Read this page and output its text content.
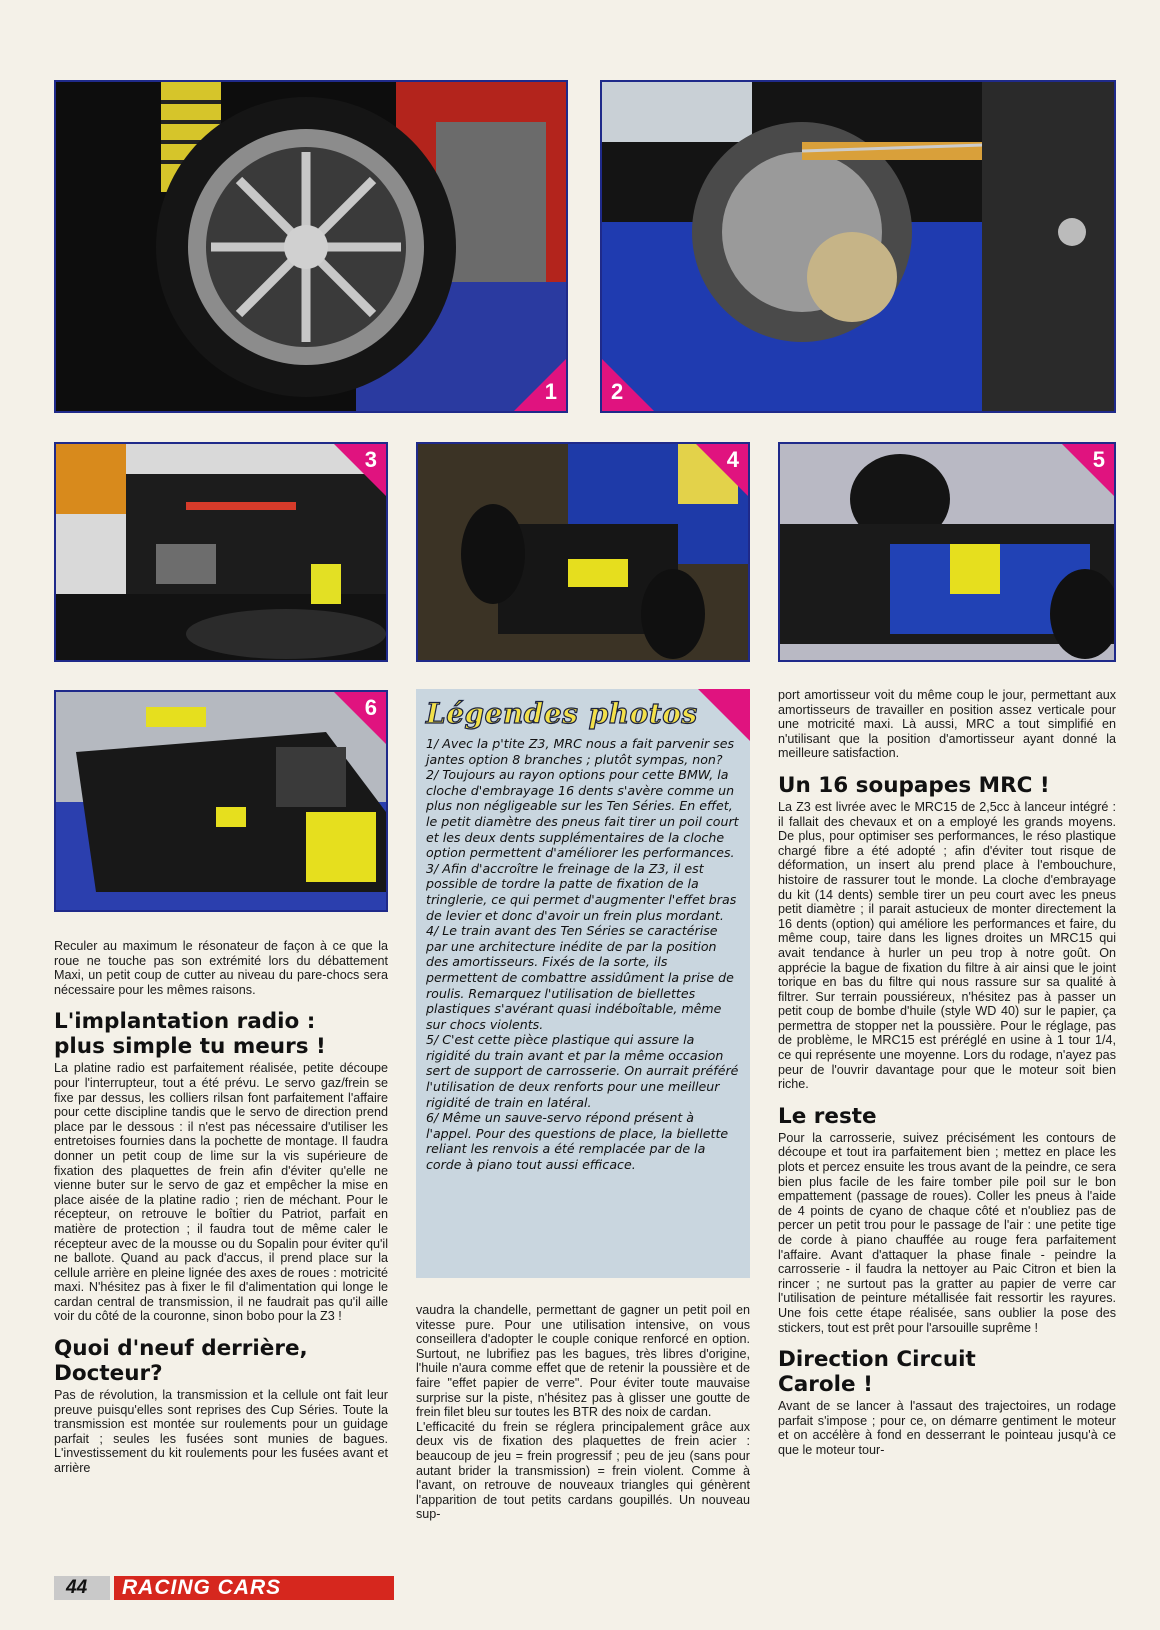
1 2
3	4	5
6

Reculer au maximum le résonateur de façon à ce que la roue ne touche pas son extrémité lors du débattement Maxi, un petit coup de cutter au niveau du pare-chocs sera nécessaire pour les mêmes raisons.

L'implantation radio : plus simple tu meurs !

La platine radio est parfaitement réalisée, petite découpe pour l'interrupteur, tout a été prévu. Le servo gaz/frein se fixe par dessus, les colliers rilsan font parfaitement l'affaire pour cette discipline tandis que le servo de direction prend place par le dessous : il n'est pas nécessaire d'utiliser les entretoises fournies dans la pochette de montage. Il faudra donner un petit coup de lime sur la vis supérieure de fixation des plaquettes de frein afin d'éviter qu'elle ne vienne buter sur le servo de gaz et empêcher la mise en place aisée de la platine radio ; rien de méchant. Pour le récepteur, on retrouve le boîtier du Patriot, parfait en matière de protection ; il faudra tout de même caler le récepteur avec de la mousse ou du Sopalin pour éviter qu'il ne ballote. Quand au pack d'accus, il prend place sur la cellule arrière en pleine lignée des axes de roues : motricité maxi. N'hésitez pas à fixer le fil d'alimentation qui longe le cardan central de transmission, il ne faudrait pas qu'il aille voir du côté de la couronne, sinon bobo pour la Z3 !

Quoi d'neuf derrière, Docteur?

Pas de révolution, la transmission et la cellule ont fait leur preuve puisqu'elles sont reprises des Cup Séries. Toute la transmission est montée sur roulements pour un guidage parfait ; seules les fusées sont munies de bagues. L'investissement du kit roulements pour les fusées avant et arrière

Légendes photos

1/ Avec la p'tite Z3, MRC nous a fait parvenir ses jantes option 8 branches ; plutôt sympas, non?

2/ Toujours au rayon options pour cette BMW, la cloche d'embrayage 16 dents s'avère comme un plus non négligeable sur les Ten Séries. En effet, le petit diamètre des pneus fait tirer un poil court et les deux dents supplémentaires de la cloche option permettent d'améliorer les performances.

3/ Afin d'accroître le freinage de la Z3, il est possible de tordre la patte de fixation de la tringlerie, ce qui permet d'augmenter l'effet bras de levier et donc d'avoir un frein plus mordant.

4/ Le train avant des Ten Séries se caractérise par une architecture inédite de par la position des amortisseurs. Fixés de la sorte, ils permettent de combattre assidûment la prise de roulis. Remarquez l'utilisation de biellettes plastiques s'avérant quasi indéboîtable, même sur chocs violents.

5/ C'est cette pièce plastique qui assure la rigidité du train avant et par la même occasion sert de support de carrosserie. On aurrait préféré l'utilisation de deux renforts pour une meilleur rigidité de train en latéral.

6/ Même un sauve-servo répond présent à l'appel. Pour des questions de place, la biellette reliant les renvois a été remplacée par de la corde à piano tout aussi efficace.

vaudra la chandelle, permettant de gagner un petit poil en vitesse pure. Pour une utilisation intensive, on vous conseillera d'adopter le couple conique renforcé en option. Surtout, ne lubrifiez pas les bagues, très libres d'origine, l'huile n'aura comme effet que de retenir la poussière et de faire "effet papier de verre". Pour éviter toute mauvaise surprise sur la piste, n'hésitez pas à glisser une goutte de frein filet bleu sur toutes les BTR des noix de cardan.

L'efficacité du frein se réglera principalement grâce aux deux vis de fixation des plaquettes de frein acier : beaucoup de jeu = frein progressif ; peu de jeu (sans pour autant brider la transmission) = frein violent. Comme à l'avant, on retrouve de nouveaux triangles qui génèrent l'apparition de tout petits cardans goupillés. Un nouveau sup-

port amortisseur voit du même coup le jour, permettant aux amortisseurs de travailler en position assez verticale pour une motricité maxi. Là aussi, MRC a tout simplifié en n'utilisant que la position d'amortisseur ayant donné la meilleure satisfaction.

Un 16 soupapes MRC !

La Z3 est livrée avec le MRC15 de 2,5cc à lanceur intégré : il fallait des chevaux et on a employé les grands moyens. De plus, pour optimiser ses performances, le réso plastique chargé fibre a été adopté ; afin d'éviter tout risque de déformation, un insert alu prend place à l'embouchure, histoire de rassurer tout le monde. La cloche d'embrayage du kit (14 dents) semble tirer un peu court avec les pneus petit diamètre ; il parait astucieux de monter directement la 16 dents (option) qui améliore les performances et faire, du même coup, taire dans les lignes droites un MRC15 qui avait tendance à hurler un peu trop à notre goût. On apprécie la bague de fixation du filtre à air ainsi que le joint torique en bas du filtre qui nous rassure sur sa qualité à filtrer. Sur terrain poussiéreux, n'hésitez pas à passer un petit coup de bombe d'huile (style WD 40) sur le papier, ça permettra de stopper net la poussière. Pour le réglage, pas de problème, le MRC15 est préréglé en usine à 1 tour 1/4, ce qui représente une moyenne. Lors du rodage, n'ayez pas peur de l'ouvrir davantage pour que le moteur soit bien riche.

Le reste

Pour la carrosserie, suivez précisément les contours de découpe et tout ira parfaitement bien ; mettez en place les plots et percez ensuite les trous avant de la peindre, ce sera bien plus facile de les faire tomber pile poil sur le bon empattement (passage de roues). Coller les pneus à l'aide de 4 points de cyano de chaque côté et n'oubliez pas de percer un petit trou pour le passage de l'air : une petite tige de corde à piano chauffée au rouge fera parfaitement l'affaire. Avant d'attaquer la phase finale - peindre la carrosserie - il faudra la nettoyer au Paic Citron et bien la rincer ; ne surtout pas la gratter au papier de verre car l'utilisation de peinture métallisée fait ressortir les rayures. Une fois cette étape réalisée, sans oublier la pose des stickers, tout est prêt pour l'arsouille suprême !

Direction Circuit Carole !

Avant de se lancer à l'assaut des trajectoires, un rodage parfait s'impose ; pour ce, on démarre gentiment le moteur et on accélère à fond en desserrant le pointeau jusqu'à ce que le moteur tour-

44	RACING CARS
